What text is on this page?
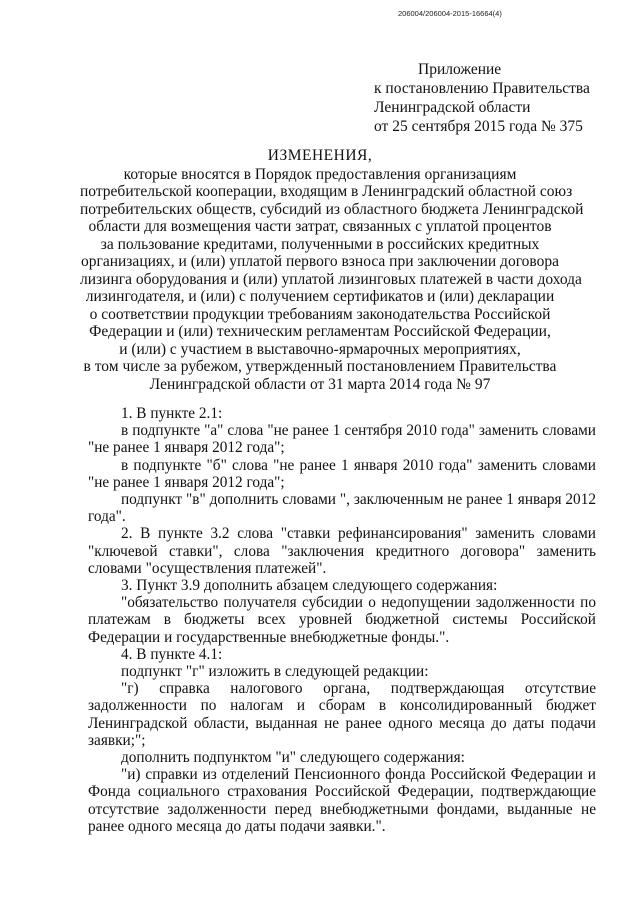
206004/206004-2015-16664(4)
Приложение
к постановлению Правительства
Ленинградской области
от 25 сентября 2015 года № 375
ИЗМЕНЕНИЯ,
которые вносятся в Порядок предоставления организациям
потребительской кооперации, входящим в Ленинградский областной союз
потребительских обществ, субсидий из областного бюджета Ленинградской
области для возмещения части затрат, связанных с уплатой процентов
за пользование кредитами, полученными в российских кредитных
организациях, и (или) уплатой первого взноса при заключении договора
лизинга оборудования и (или) уплатой лизинговых платежей в части дохода
лизингодателя, и (или) с получением сертификатов и (или) декларации
о соответствии продукции требованиям законодательства Российской
Федерации и (или) техническим регламентам Российской Федерации,
и (или) с участием в выставочно-ярмарочных мероприятиях,
в том числе за рубежом, утвержденный постановлением Правительства
Ленинградской области от 31 марта 2014 года № 97

1. В пункте 2.1:

в подпункте "а" слова "не ранее 1 сентября 2010 года" заменить словами "не ранее 1 января 2012 года";

в подпункте "б" слова "не ранее 1 января 2010 года" заменить словами "не ранее 1 января 2012 года";

подпункт "в" дополнить словами ", заключенным не ранее 1 января 2012 года".

2. В пункте 3.2 слова "ставки рефинансирования" заменить словами "ключевой ставки", слова "заключения кредитного договора" заменить словами "осуществления платежей".

3. Пункт 3.9 дополнить абзацем следующего содержания:

"обязательство получателя субсидии о недопущении задолженности по платежам в бюджеты всех уровней бюджетной системы Российской Федерации и государственные внебюджетные фонды.".

4. В пункте 4.1:

подпункт "г" изложить в следующей редакции:

"г) справка налогового органа, подтверждающая отсутствие задолженности по налогам и сборам в консолидированный бюджет Ленинградской области, выданная не ранее одного месяца до даты подачи заявки;";

дополнить подпунктом "и" следующего содержания:

"и) справки из отделений Пенсионного фонда Российской Федерации и Фонда социального страхования Российской Федерации, подтверждающие отсутствие задолженности перед внебюджетными фондами, выданные не ранее одного месяца до даты подачи заявки.".
